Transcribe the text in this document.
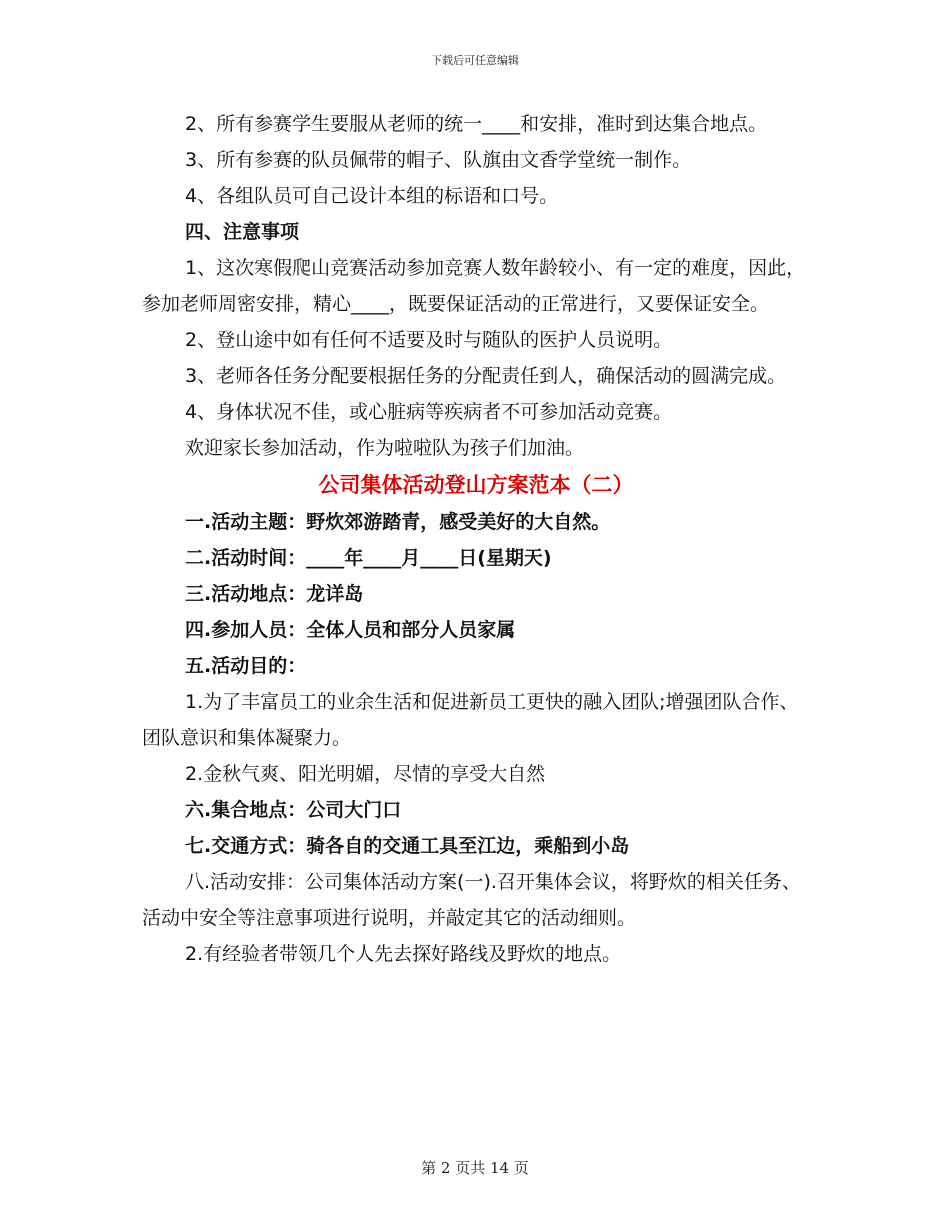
下载后可任意编辑

2、所有参赛学生要服从老师的统一____和安排，准时到达集合地点。

3、所有参赛的队员佩带的帽子、队旗由文香学堂统一制作。

4、各组队员可自己设计本组的标语和口号。

四、注意事项

1、这次寒假爬山竞赛活动参加竞赛人数年龄较小、有一定的难度，因此，参加老师周密安排，精心____，既要保证活动的正常进行，又要保证安全。

2、登山途中如有任何不适要及时与随队的医护人员说明。

3、老师各任务分配要根据任务的分配责任到人，确保活动的圆满完成。

4、身体状况不佳，或心脏病等疾病者不可参加活动竞赛。

欢迎家长参加活动，作为啦啦队为孩子们加油。

公司集体活动登山方案范本（二）

一.活动主题：野炊郊游踏青，感受美好的大自然。

二.活动时间：____年____月____日(星期天)

三.活动地点：龙详岛

四.参加人员：全体人员和部分人员家属

五.活动目的：

1.为了丰富员工的业余生活和促进新员工更快的融入团队;增强团队合作、团队意识和集体凝聚力。

2.金秋气爽、阳光明媚，尽情的享受大自然

六.集合地点：公司大门口

七.交通方式：骑各自的交通工具至江边，乘船到小岛

八.活动安排：公司集体活动方案(一).召开集体会议，将野炊的相关任务、活动中安全等注意事项进行说明，并敲定其它的活动细则。

2.有经验者带领几个人先去探好路线及野炊的地点。

第 2 页共 14 页
